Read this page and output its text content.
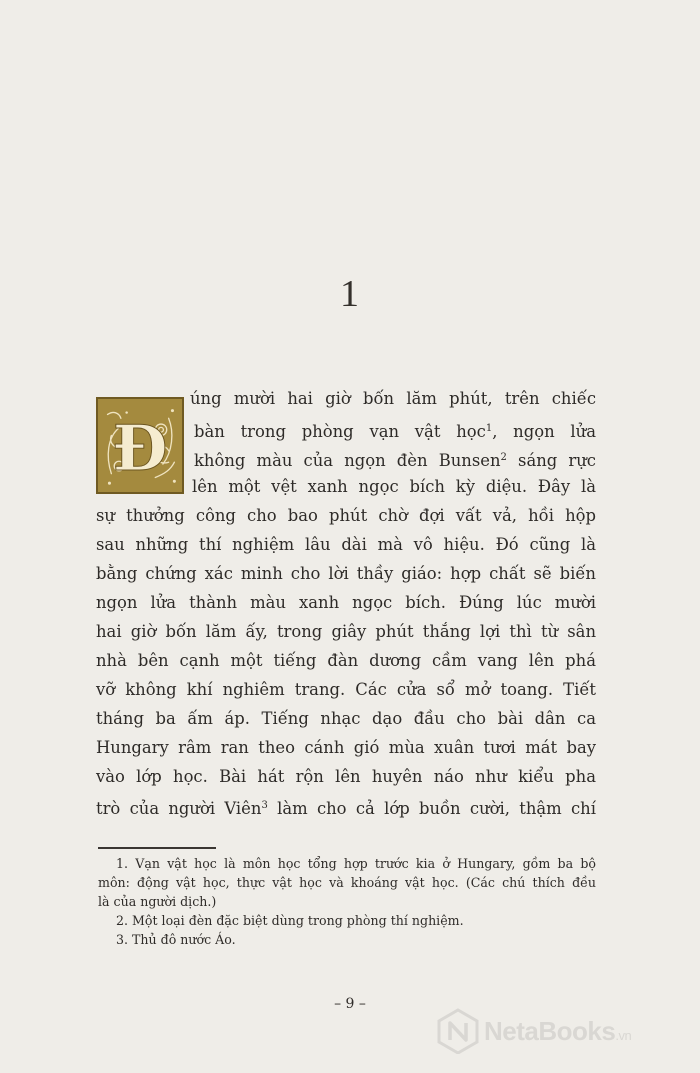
1
Đ
úng mười hai giờ bốn lăm phút, trên chiếc
bàn trong phòng vạn vật học$^1$, ngọn lửa
không màu của ngọn đèn Bunsen$^2$ sáng rực
lên một vệt xanh ngọc bích kỳ diệu. Đây là
sự thưởng công cho bao phút chờ đợi vất vả, hồi hộp
sau những thí nghiệm lâu dài mà vô hiệu. Đó cũng là
bằng chứng xác minh cho lời thầy giáo: hợp chất sẽ biến
ngọn lửa thành màu xanh ngọc bích. Đúng lúc mười
hai giờ bốn lăm ấy, trong giây phút thắng lợi thì từ sân
nhà bên cạnh một tiếng đàn dương cầm vang lên phá
vỡ không khí nghiêm trang. Các cửa sổ mở toang. Tiết
tháng ba ấm áp. Tiếng nhạc dạo đầu cho bài dân ca
Hungary râm ran theo cánh gió mùa xuân tươi mát bay
vào lớp học. Bài hát rộn lên huyên náo như kiểu pha
trò của người Viên$^3$ làm cho cả lớp buồn cười, thậm chí
1. Vạn vật học là môn học tổng hợp trước kia ở Hungary, gồm ba bộ
môn: động vật học, thực vật học và khoáng vật học. (Các chú thích đều
là của người dịch.)
2. Một loại đèn đặc biệt dùng trong phòng thí nghiệm.
3. Thủ đô nước Áo.
– 9 –
NetaBooks.vn
